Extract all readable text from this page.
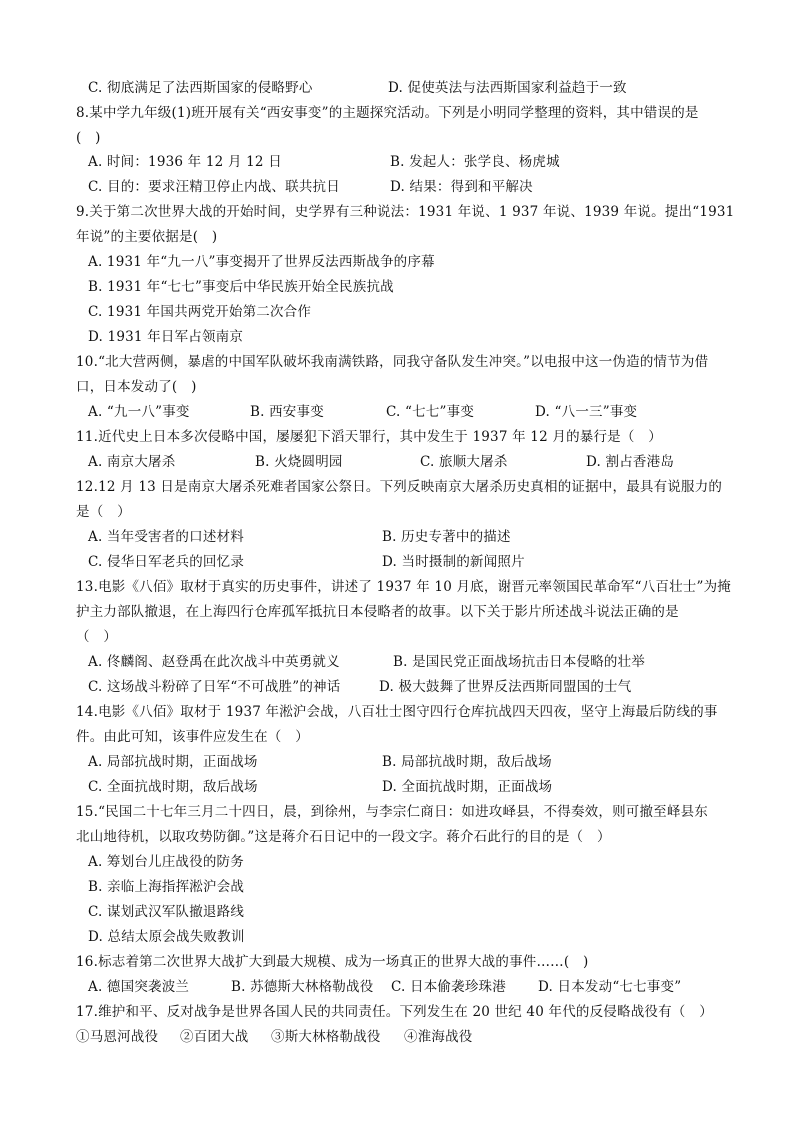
C. 彻底满足了法西斯国家的侵略野心	D. 促使英法与法西斯国家利益趋于一致
8.某中学九年级(1)班开展有关“西安事变”的主题探究活动。下列是小明同学整理的资料，其中错误的是
(　)
A. 时间：1936 年 12 月 12 日	B. 发起人：张学良、杨虎城
C. 目的：要求汪精卫停止内战、联共抗日	D. 结果：得到和平解决
9.关于第二次世界大战的开始时间，史学界有三种说法：1931 年说、1 937 年说、1939 年说。提出“1931
年说”的主要依据是(　)
A. 1931 年“九一八”事变揭开了世界反法西斯战争的序幕
B. 1931 年“七七”事变后中华民族开始全民族抗战
C. 1931 年国共两党开始第二次合作
D. 1931 年日军占领南京
10.“北大营两侧，暴虐的中国军队破坏我南满铁路，同我守备队发生冲突。”以电报中这一伪造的情节为借
口，日本发动了(　)
A. “九一八”事变	B. 西安事变	C. “七七”事变	D. “八一三”事变
11.近代史上日本多次侵略中国，屡屡犯下滔天罪行，其中发生于 1937 年 12 月的暴行是（　）
A. 南京大屠杀	B. 火烧圆明园	C. 旅顺大屠杀	D. 割占香港岛
12.12 月 13 日是南京大屠杀死难者国家公祭日。下列反映南京大屠杀历史真相的证据中，最具有说服力的
是（　）
A. 当年受害者的口述材料	B. 历史专著中的描述
C. 侵华日军老兵的回忆录	D. 当时摄制的新闻照片
13.电影《八佰》取材于真实的历史事件，讲述了 1937 年 10 月底，谢晋元率领国民革命军“八百壮士”为掩
护主力部队撤退，在上海四行仓库孤军抵抗日本侵略者的故事。以下关于影片所述战斗说法正确的是
（　）
A. 佟麟阁、赵登禹在此次战斗中英勇就义	B. 是国民党正面战场抗击日本侵略的壮举
C. 这场战斗粉碎了日军“不可战胜”的神话	D. 极大鼓舞了世界反法西斯同盟国的士气
14.电影《八佰》取材于 1937 年淞沪会战，八百壮士图守四行仓库抗战四天四夜，坚守上海最后防线的事
件。由此可知，该事件应发生在（　）
A. 局部抗战时期，正面战场	B. 局部抗战时期，敌后战场
C. 全面抗战时期，敌后战场	D. 全面抗战时期，正面战场
15.“民国二十七年三月二十四日，晨，到徐州，与李宗仁商日：如进攻峄县，不得奏效，则可撤至峄县东
北山地待机，以取攻势防御。”这是蒋介石日记中的一段文字。蒋介石此行的目的是（　）
A. 筹划台儿庄战役的防务
B. 亲临上海指挥淞沪会战
C. 谋划武汉军队撤退路线
D. 总结太原会战失败教训
16.标志着第二次世界大战扩大到最大规模、成为一场真正的世界大战的事件……(　)
A. 德国突袭波兰	B. 苏德斯大林格勒战役 C. 日本偷袭珍珠港 D. 日本发动“七七事变”
17.维护和平、反对战争是世界各国人民的共同责任。下列发生在 20 世纪 40 年代的反侵略战役有（　）
①马恩河战役 ②百团大战 ③斯大林格勒战役 ④淮海战役
